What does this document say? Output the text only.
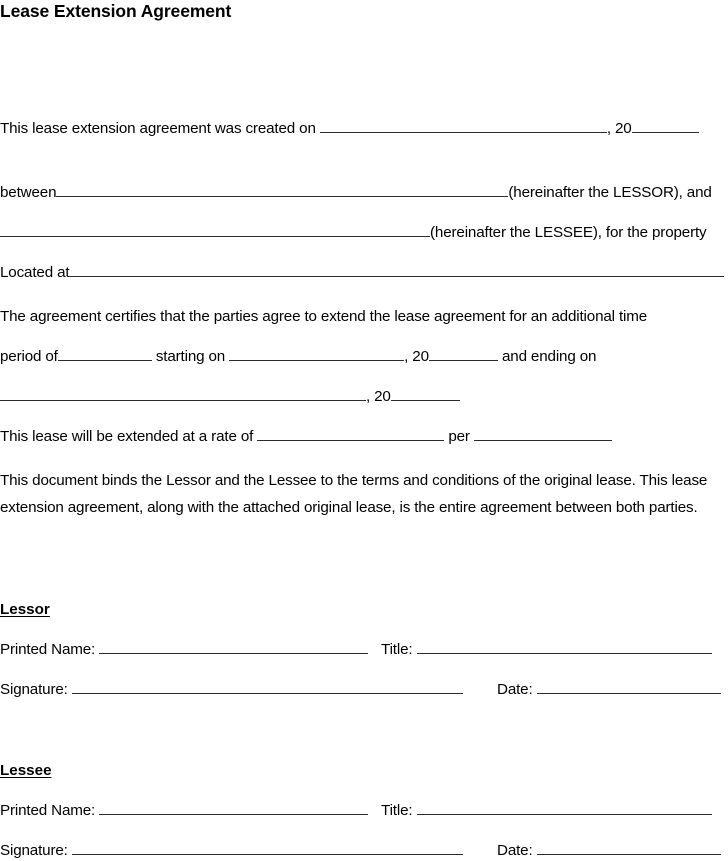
Lease Extension Agreement
This lease extension agreement was created on	, 20
between	(hereinafter the LESSOR), and
(hereinafter the LESSEE), for the property
Located at
The agreement certifies that the parties agree to extend the lease agreement for an additional time
period of	starting on	, 20	and ending on
, 20
This lease will be extended at a rate of	per
This document binds the Lessor and the Lessee to the terms and conditions of the original lease. This lease extension agreement, along with the attached original lease, is the entire agreement between both parties.
Lessor
Printed Name:	Title:
Signature:	Date:
Lessee
Printed Name:	Title:
Signature:	Date:
